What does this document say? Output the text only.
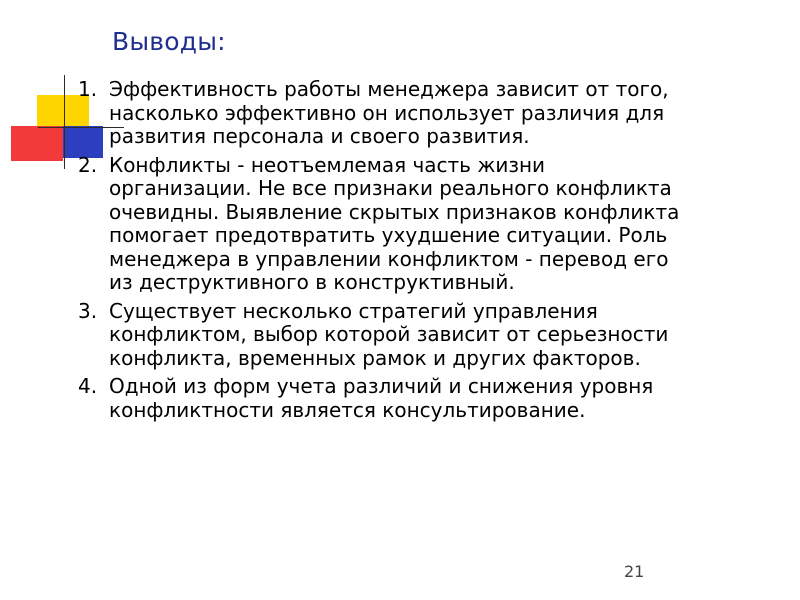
Выводы:
1. Эффективность работы менеджера зависит от того,
насколько эффективно он использует различия для
развития персонала и своего развития.
2. Конфликты - неотъемлемая часть жизни
организации. Не все признаки реального конфликта
очевидны. Выявление скрытых признаков конфликта
помогает предотвратить ухудшение ситуации. Роль
менеджера в управлении конфликтом - перевод его
из деструктивного в конструктивный.
3. Существует несколько стратегий управления
конфликтом, выбор которой зависит от серьезности
конфликта, временных рамок и других факторов.
4. Одной из форм учета различий и снижения уровня
конфликтности является консультирование.
21
